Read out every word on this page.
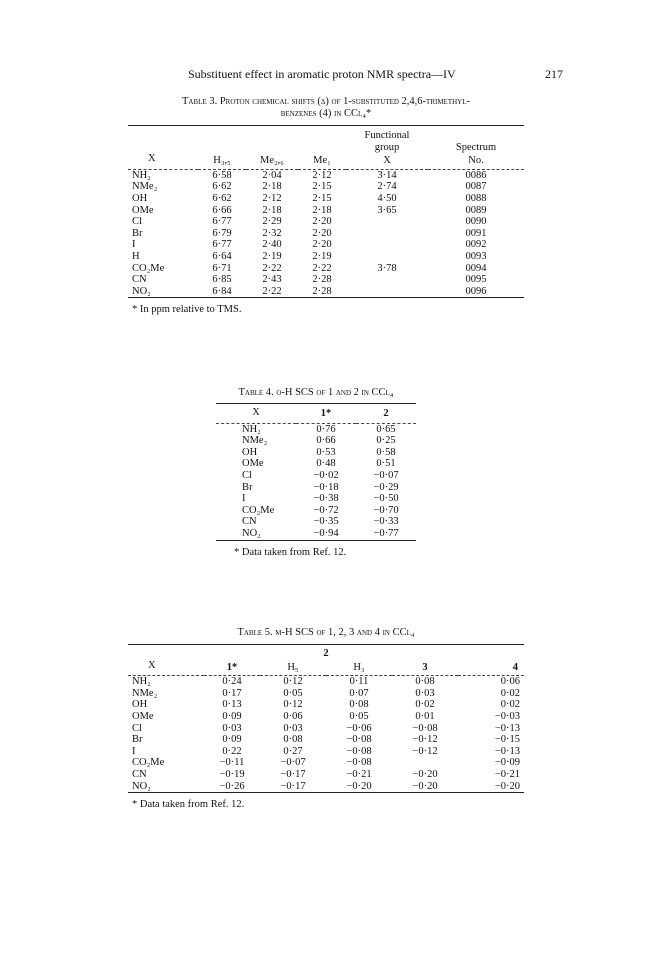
Substituent effect in aromatic proton NMR spectra—IV	217
Table 3. Proton chemical shifts (δ) of 1-substituted 2,4,6-trimethyl-
benzenes (4) in CCl₄*
				Functional	
				group	Spectrum
X	H₃,₅	Me₂,₆	Me₁	X	No.
NH₂	6·58	2·04	2·12	3·14	0086
NMe₂	6·62	2·18	2·15	2·74	0087
OH	6·62	2·12	2·15	4·50	0088
OMe	6·66	2·18	2·18	3·65	0089
Cl	6·77	2·29	2·20		0090
Br	6·79	2·32	2·20		0091
I	6·77	2·40	2·20		0092
H	6·64	2·19	2·19		0093
CO₂Me	6·71	2·22	2·22	3·78	0094
CN	6·85	2·43	2·28		0095
NO₂	6·84	2·22	2·28		0096
* In ppm relative to TMS.
Table 4. o-H SCS of 1 and 2 in CCl₄
X	1*	2
NH₂	0·76	0·65
NMe₂	0·66	0·25
OH	0·53	0·58
OMe	0·48	0·51
Cl	−0·02	−0·07
Br	−0·18	−0·29
I	−0·38	−0·50
CO₂Me	−0·72	−0·70
CN	−0·35	−0·33
NO₂	−0·94	−0·77
* Data taken from Ref. 12.
Table 5. m-H SCS of 1, 2, 3 and 4 in CCl₄
		2			
X	1*	H₅	H₃	3	4
NH₂	0·24	0·12	0·11	0·08	0·06
NMe₂	0·17	0·05	0·07	0·03	0·02
OH	0·13	0·12	0·08	0·02	0·02
OMe	0·09	0·06	0·05	0·01	−0·03
Cl	0·03	0·03	−0·06	−0·08	−0·13
Br	0·09	0·08	−0·08	−0·12	−0·15
I	0·22	0·27	−0·08	−0·12	−0·13
CO₂Me	−0·11	−0·07	−0·08		−0·09
CN	−0·19	−0·17	−0·21	−0·20	−0·21
NO₂	−0·26	−0·17	−0·20	−0·20	−0·20
* Data taken from Ref. 12.
